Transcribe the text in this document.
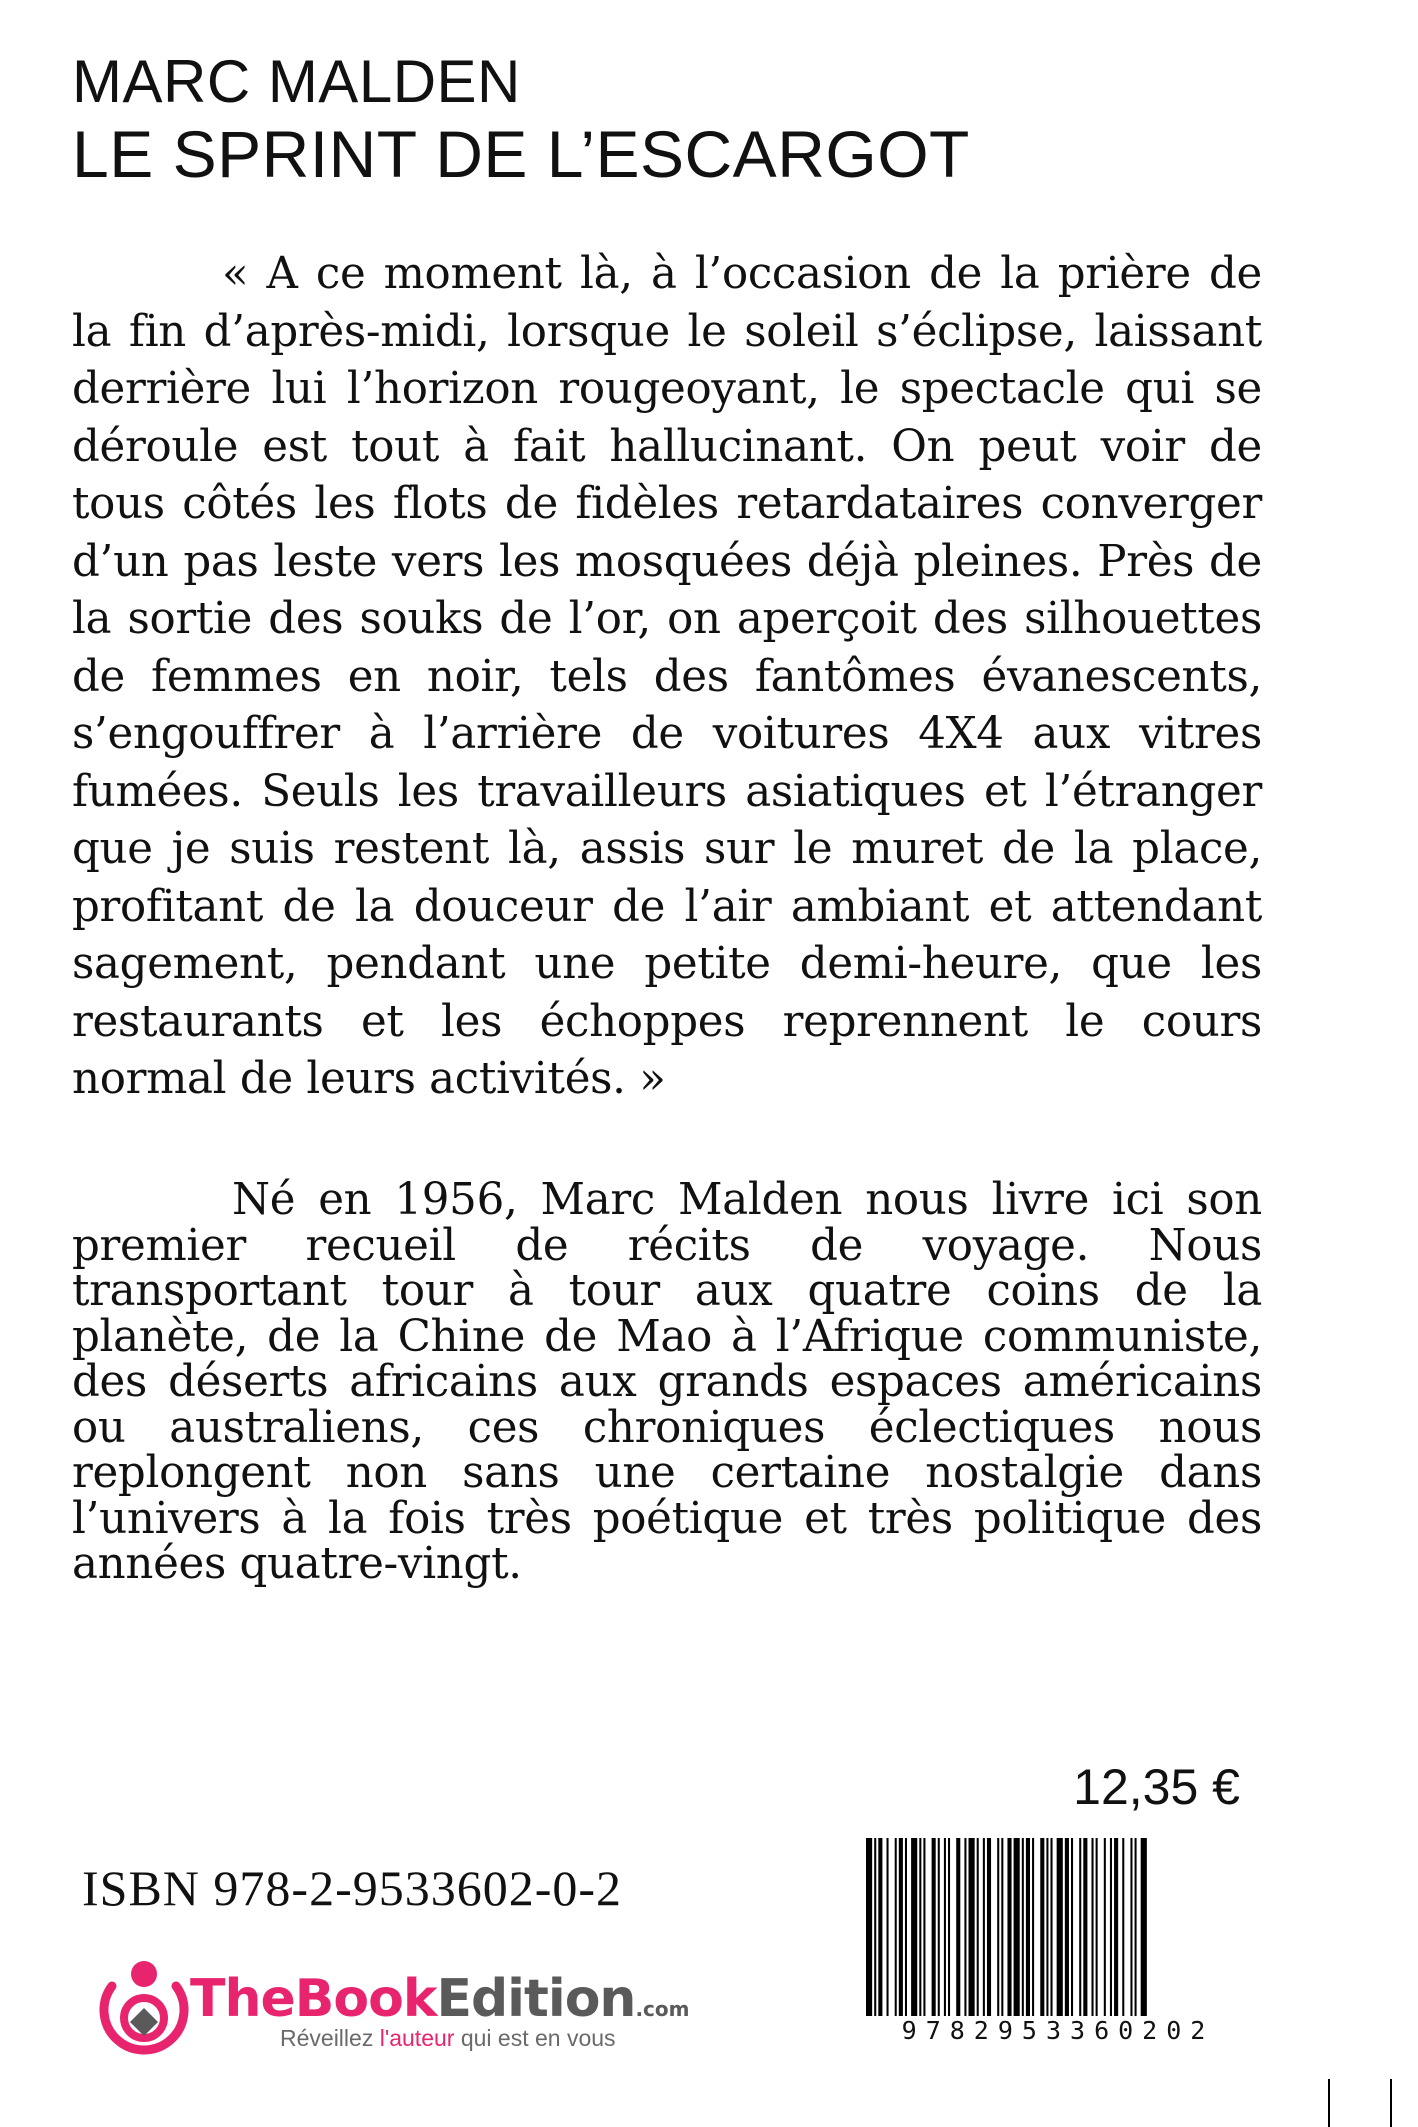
MARC MALDEN
LE SPRINT DE L’ESCARGOT

« A ce moment là, à l’occasion de la prière de la fin d’après-midi, lorsque le soleil s’éclipse, laissant derrière lui l’horizon rougeoyant, le spectacle qui se déroule est tout à fait hallucinant. On peut voir de tous côtés les flots de fidèles retardataires converger d’un pas leste vers les mosquées déjà pleines. Près de la sortie des souks de l’or, on aperçoit des silhouettes de femmes en noir, tels des fantômes évanescents, s’engouffrer à l’arrière de voitures 4X4 aux vitres fumées. Seuls les travailleurs asiatiques et l’étranger que je suis restent là, assis sur le muret de la place, profitant de la douceur de l’air ambiant et attendant sagement, pendant une petite demi-heure, que les restaurants et les échoppes reprennent le cours normal de leurs activités. »

Né en 1956, Marc Malden nous livre ici son premier recueil de récits de voyage. Nous transportant tour à tour aux quatre coins de la planète, de la Chine de Mao à l’Afrique communiste, des déserts africains aux grands espaces américains ou australiens, ces chroniques éclectiques nous replongent non sans une certaine nostalgie dans l’univers à la fois très poétique et très politique des années quatre-vingt.

12,35 €
ISBN 978-2-9533602-0-2
9782953360202
TheBookEdition.com
Réveillez l'auteur qui est en vous
